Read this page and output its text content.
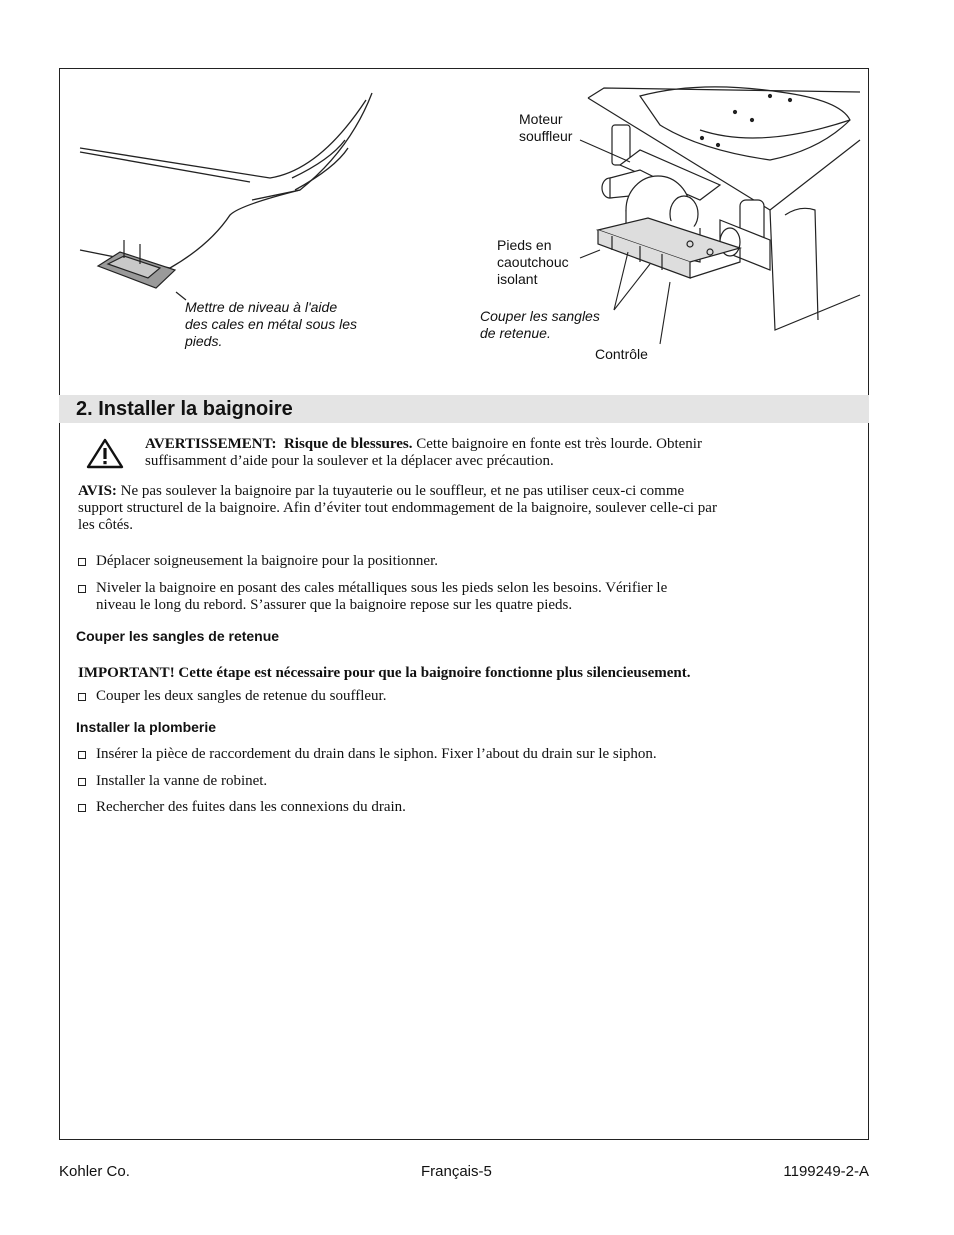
Mettre de niveau à l'aide
des cales en métal sous les
pieds.
Moteur
souffleur
Pieds en
caoutchouc
isolant
Couper les sangles
de retenue.
Contrôle
2. Installer la baignoire
AVERTISSEMENT: Risque de blessures. Cette baignoire en fonte est très lourde. Obtenir
suffisamment d’aide pour la soulever et la déplacer avec précaution.
AVIS: Ne pas soulever la baignoire par la tuyauterie ou le souffleur, et ne pas utiliser ceux-ci comme
support structurel de la baignoire. Afin d’éviter tout endommagement de la baignoire, soulever celle-ci par
les côtés.
Déplacer soigneusement la baignoire pour la positionner.
Niveler la baignoire en posant des cales métalliques sous les pieds selon les besoins. Vérifier le
niveau le long du rebord. S’assurer que la baignoire repose sur les quatre pieds.
Couper les sangles de retenue
IMPORTANT! Cette étape est nécessaire pour que la baignoire fonctionne plus silencieusement.
Couper les deux sangles de retenue du souffleur.
Installer la plomberie
Insérer la pièce de raccordement du drain dans le siphon. Fixer l’about du drain sur le siphon.
Installer la vanne de robinet.
Rechercher des fuites dans les connexions du drain.
Kohler Co.	Français-5	1199249-2-A
